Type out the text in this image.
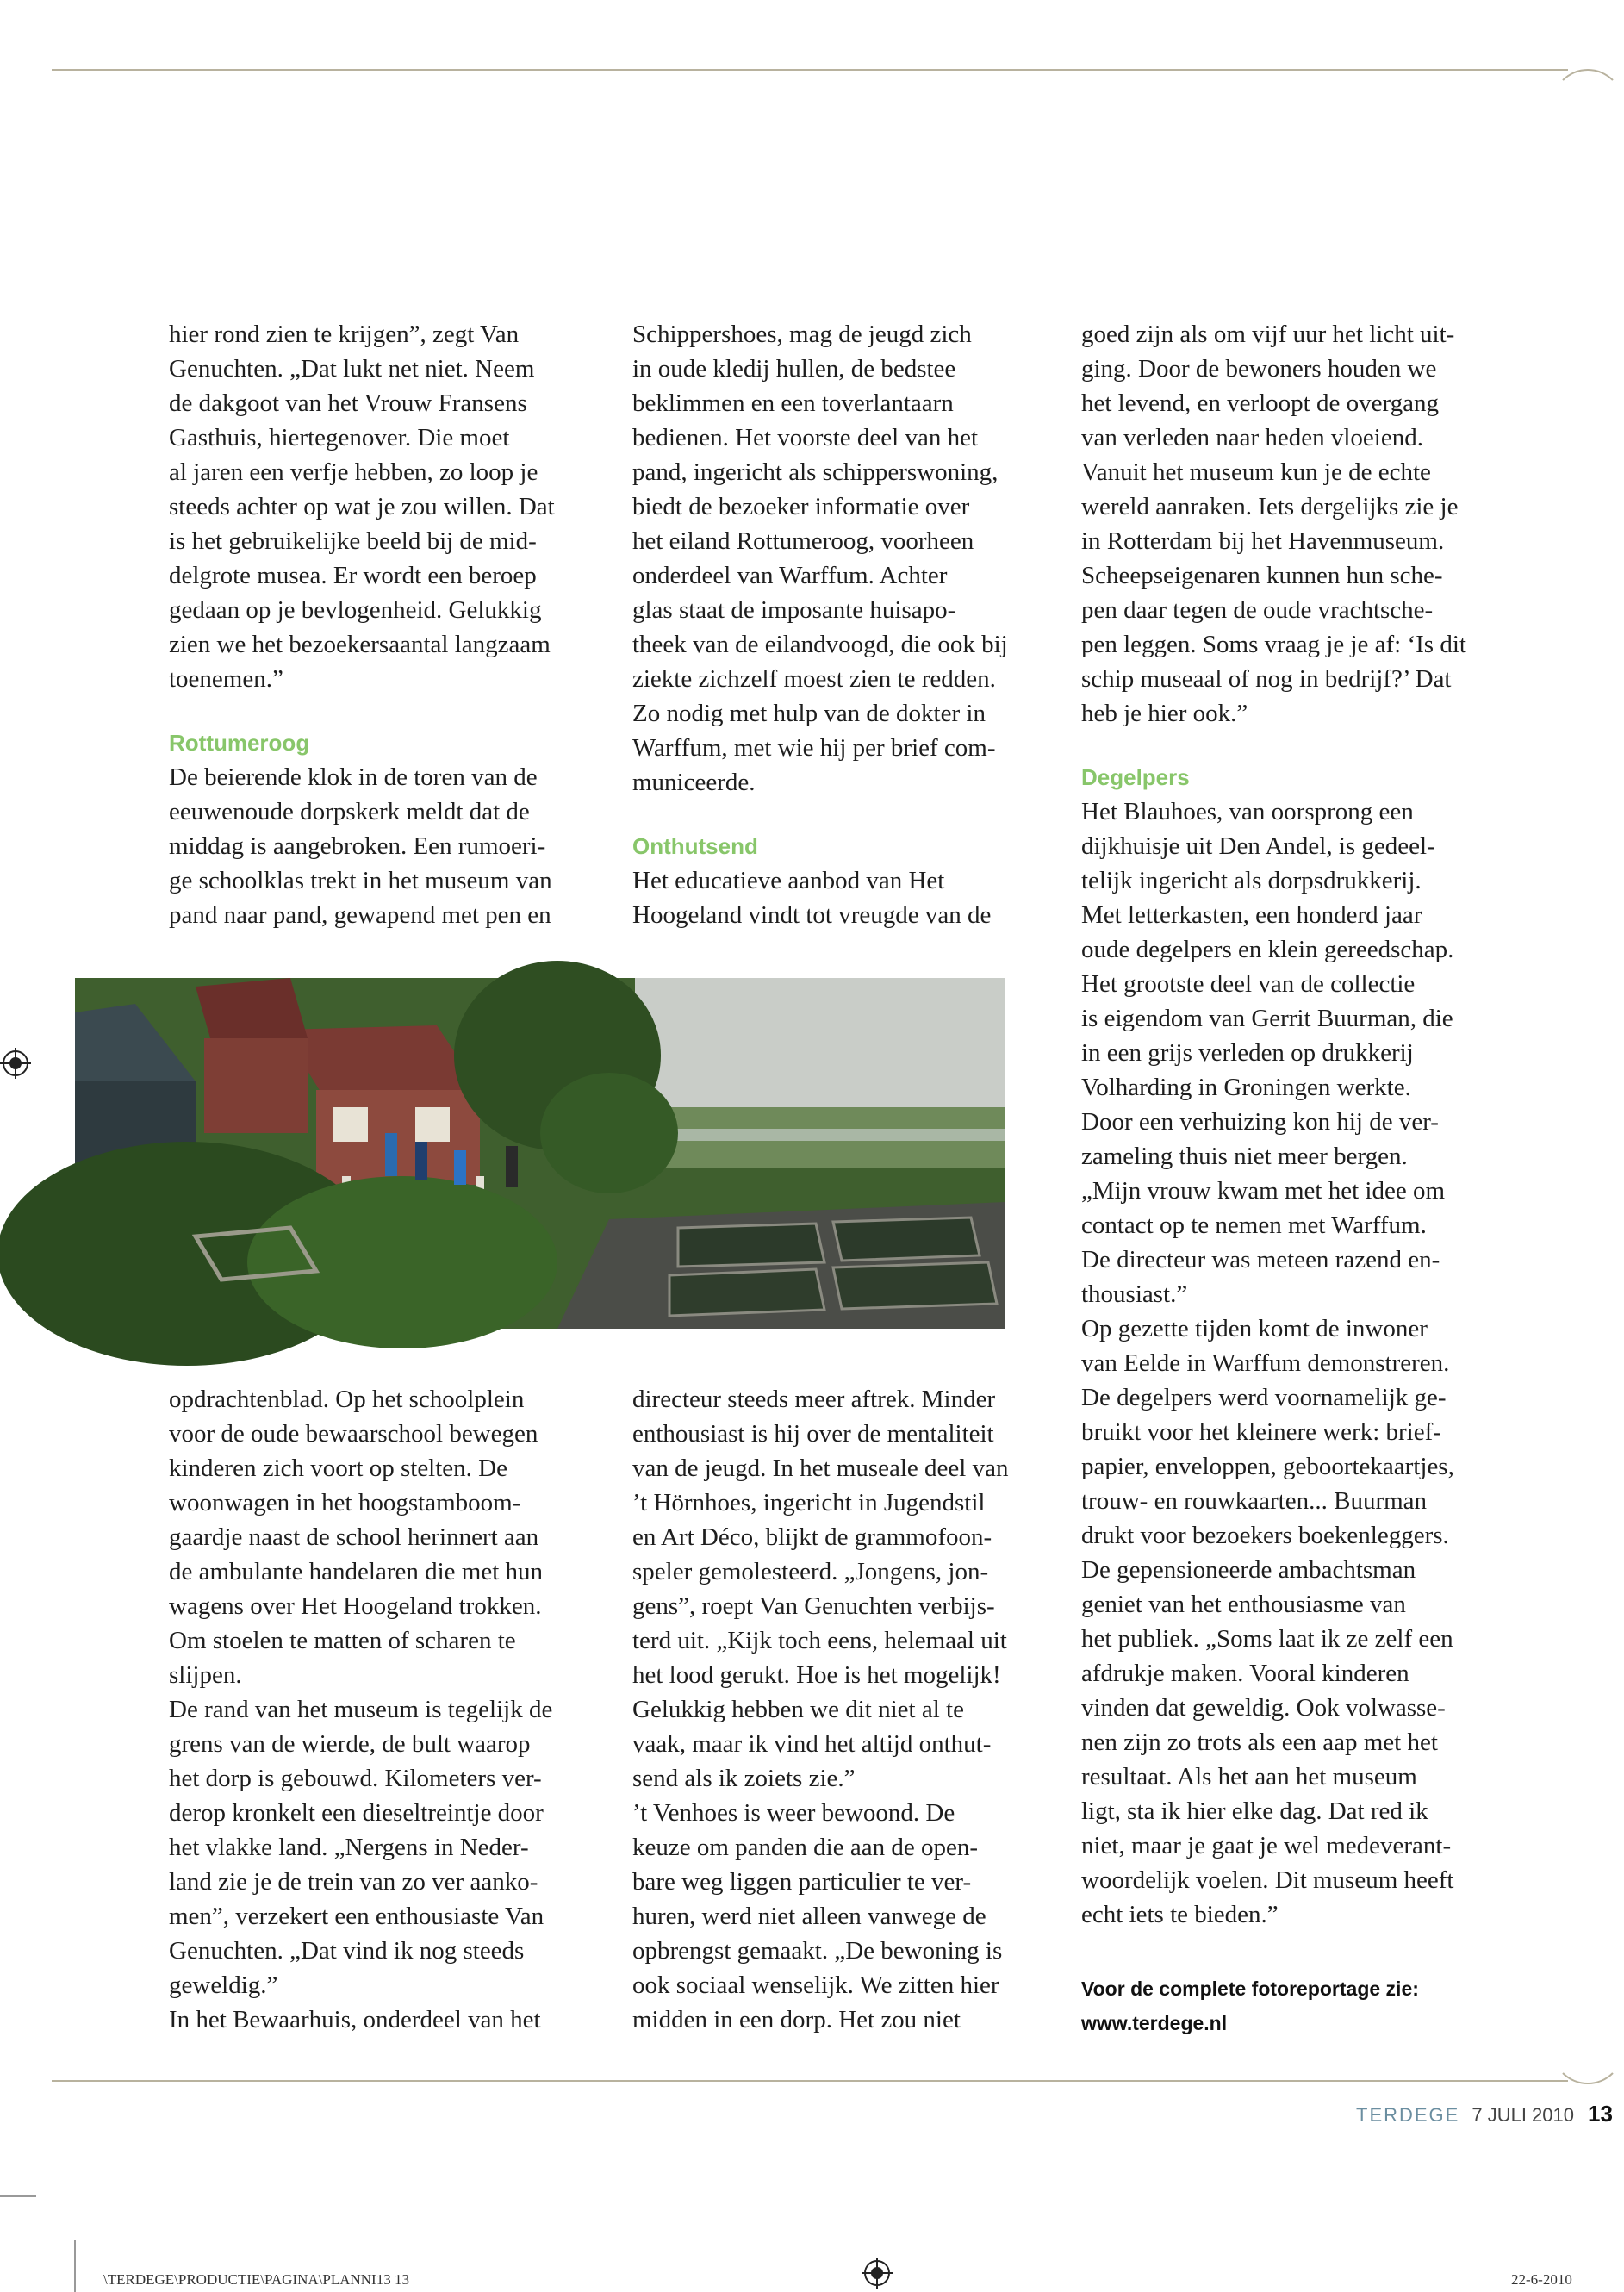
hier rond zien te krijgen”, zegt Van

Genuchten. „Dat lukt net niet. Neem

de dakgoot van het Vrouw Fransens

Gasthuis, hiertegenover. Die moet

al jaren een verfje hebben, zo loop je

steeds achter op wat je zou willen. Dat

is het gebruikelijke beeld bij de mid-

delgrote musea. Er wordt een beroep

gedaan op je bevlogenheid. Gelukkig

zien we het bezoekersaantal langzaam

toenemen.”

Rottumeroog

De beierende klok in de toren van de

eeuwenoude dorpskerk meldt dat de

middag is aangebroken. Een rumoeri-

ge schoolklas trekt in het museum van

pand naar pand, gewapend met pen en

Schippershoes, mag de jeugd zich

in oude kledij hullen, de bedstee

beklimmen en een toverlantaarn

bedienen. Het voorste deel van het

pand, ingericht als schipperswoning,

biedt de bezoeker informatie over

het eiland Rottumeroog, voorheen

onderdeel van Warffum. Achter

glas staat de imposante huisapo-

theek van de eilandvoogd, die ook bij

ziekte zichzelf moest zien te redden.

Zo nodig met hulp van de dokter in

Warffum, met wie hij per brief com-

municeerde.

Onthutsend

Het educatieve aanbod van Het

Hoogeland vindt tot vreugde van de

goed zijn als om vijf uur het licht uit-

ging. Door de bewoners houden we

het levend, en verloopt de overgang

van verleden naar heden vloeiend.

Vanuit het museum kun je de echte

wereld aanraken. Iets dergelijks zie je

in Rotterdam bij het Havenmuseum.

Scheepseigenaren kunnen hun sche-

pen daar tegen de oude vrachtsche-

pen leggen. Soms vraag je je af: ‘Is dit

schip museaal of nog in bedrijf?’ Dat

heb je hier ook.”

Degelpers

Het Blauhoes, van oorsprong een

dijkhuisje uit Den Andel, is gedeel-

telijk ingericht als dorpsdrukkerij.

Met letterkasten, een honderd jaar

oude degelpers en klein gereedschap.

Het grootste deel van de collectie

is eigendom van Gerrit Buurman, die

in een grijs verleden op drukkerij

Volharding in Groningen werkte.

Door een verhuizing kon hij de ver-

zameling thuis niet meer bergen.

„Mijn vrouw kwam met het idee om

contact op te nemen met Warffum.

De directeur was meteen razend en-

thousiast.”

Op gezette tijden komt de inwoner

van Eelde in Warffum demonstreren.

De degelpers werd voornamelijk ge-

bruikt voor het kleinere werk: brief-

papier, enveloppen, geboortekaartjes,

trouw- en rouwkaarten... Buurman

drukt voor bezoekers boekenleggers.

De gepensioneerde ambachtsman

geniet van het enthousiasme van

het publiek. „Soms laat ik ze zelf een

afdrukje maken. Vooral kinderen

vinden dat geweldig. Ook volwasse-

nen zijn zo trots als een aap met het

resultaat. Als het aan het museum

ligt, sta ik hier elke dag. Dat red ik

niet, maar je gaat je wel medeverant-

woordelijk voelen. Dit museum heeft

echt iets te bieden.”

opdrachtenblad. Op het schoolplein

voor de oude bewaarschool bewegen

kinderen zich voort op stelten. De

woonwagen in het hoogstamboom-

gaardje naast de school herinnert aan

de ambulante handelaren die met hun

wagens over Het Hoogeland trokken.

Om stoelen te matten of scharen te

slijpen.

De rand van het museum is tegelijk de

grens van de wierde, de bult waarop

het dorp is gebouwd. Kilometers ver-

derop kronkelt een dieseltreintje door

het vlakke land. „Nergens in Neder-

land zie je de trein van zo ver aanko-

men”, verzekert een enthousiaste Van

Genuchten. „Dat vind ik nog steeds

geweldig.”

In het Bewaarhuis, onderdeel van het

directeur steeds meer aftrek. Minder

enthousiast is hij over de mentaliteit

van de jeugd. In het museale deel van

’t Hörnhoes, ingericht in Jugendstil

en Art Déco, blijkt de grammofoon-

speler gemolesteerd. „Jongens, jon-

gens”, roept Van Genuchten verbijs-

terd uit. „Kijk toch eens, helemaal uit

het lood gerukt. Hoe is het mogelijk!

Gelukkig hebben we dit niet al te

vaak, maar ik vind het altijd onthut-

send als ik zoiets zie.”

’t Venhoes is weer bewoond. De

keuze om panden die aan de open-

bare weg liggen particulier te ver-

huren, werd niet alleen vanwege de

opbrengst gemaakt. „De bewoning is

ook sociaal wenselijk. We zitten hier

midden in een dorp. Het zou niet

Voor de complete fotoreportage zie:

www.terdege.nl

TERDEGE 7 JULI 2010 13
\TERDEGE\PRODUCTIE\PAGINA\PLANNI13 13	22-6-2010
